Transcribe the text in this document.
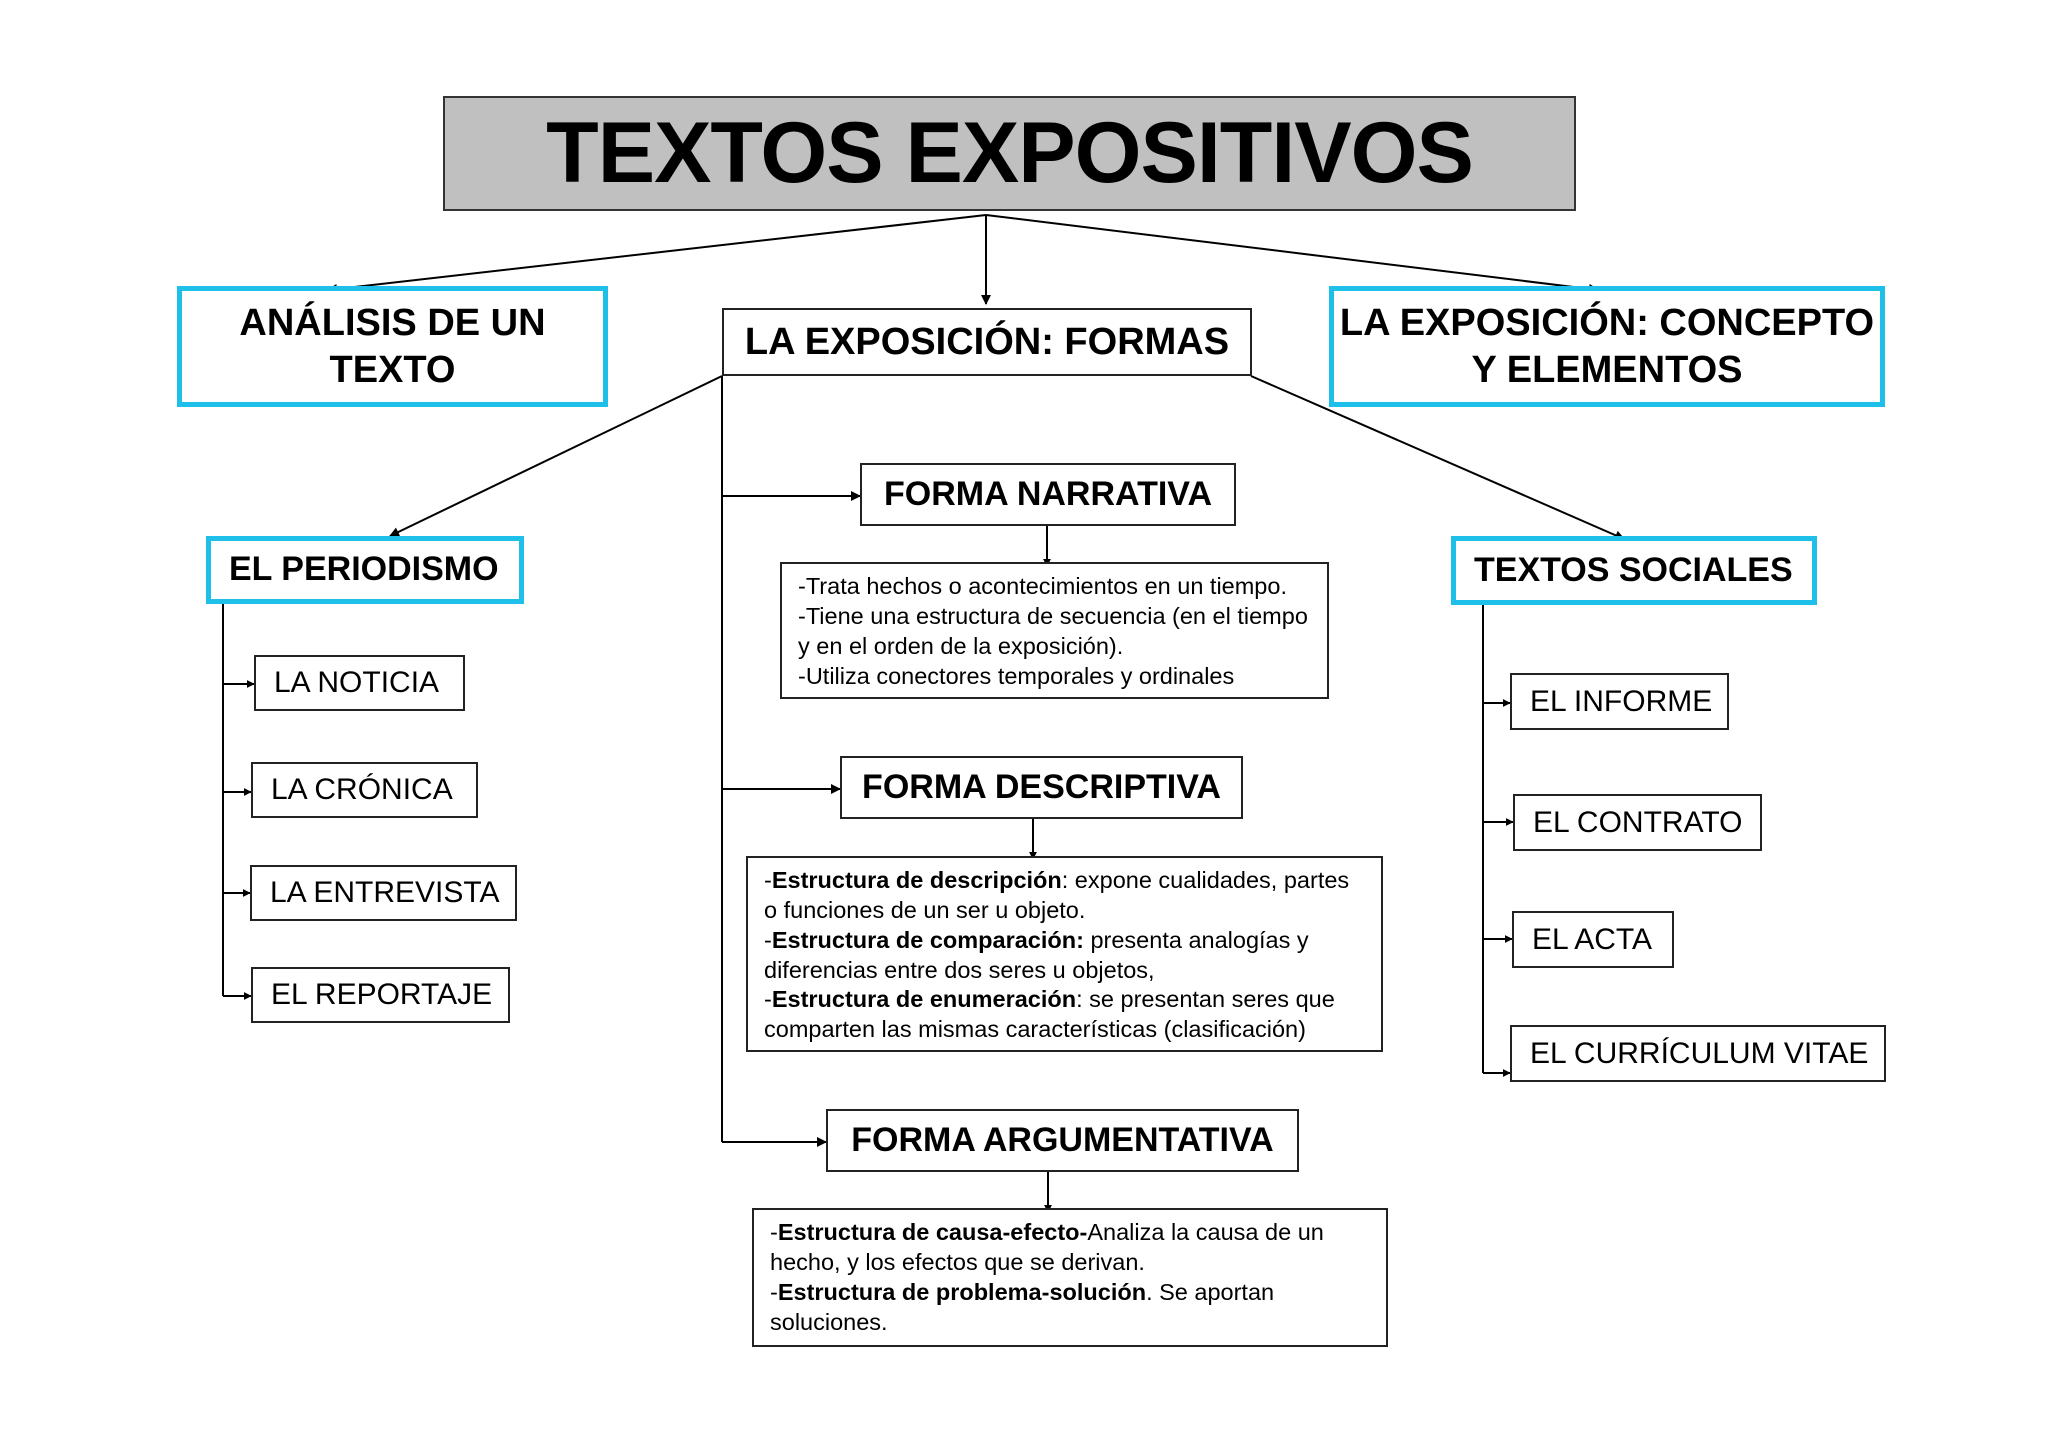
TEXTOS EXPOSITIVOS
ANÁLISIS DE UN TEXTO
LA EXPOSICIÓN: FORMAS	LA EXPOSICIÓN: CONCEPTO Y ELEMENTOS
EL PERIODISMO
LA NOTICIA
LA CRÓNICA
LA ENTREVISTA
EL REPORTAJE
TEXTOS SOCIALES
EL INFORME
EL CONTRATO
EL ACTA
EL CURRÍCULUM VITAE
FORMA NARRATIVA

-Trata hechos o acontecimientos en un tiempo.

-Tiene una estructura de secuencia (en el tiempo y en el orden de la exposición).

-Utiliza conectores temporales y ordinales

FORMA DESCRIPTIVA

-Estructura de descripción: expone cualidades, partes o funciones de un ser u objeto.

-Estructura de comparación: presenta analogías y diferencias entre dos seres u objetos,

-Estructura de enumeración: se presentan seres que comparten las mismas características (clasificación)

FORMA ARGUMENTATIVA

-Estructura de causa-efecto-Analiza la causa de un hecho, y los efectos que se derivan.

-Estructura de problema-solución. Se aportan soluciones.
